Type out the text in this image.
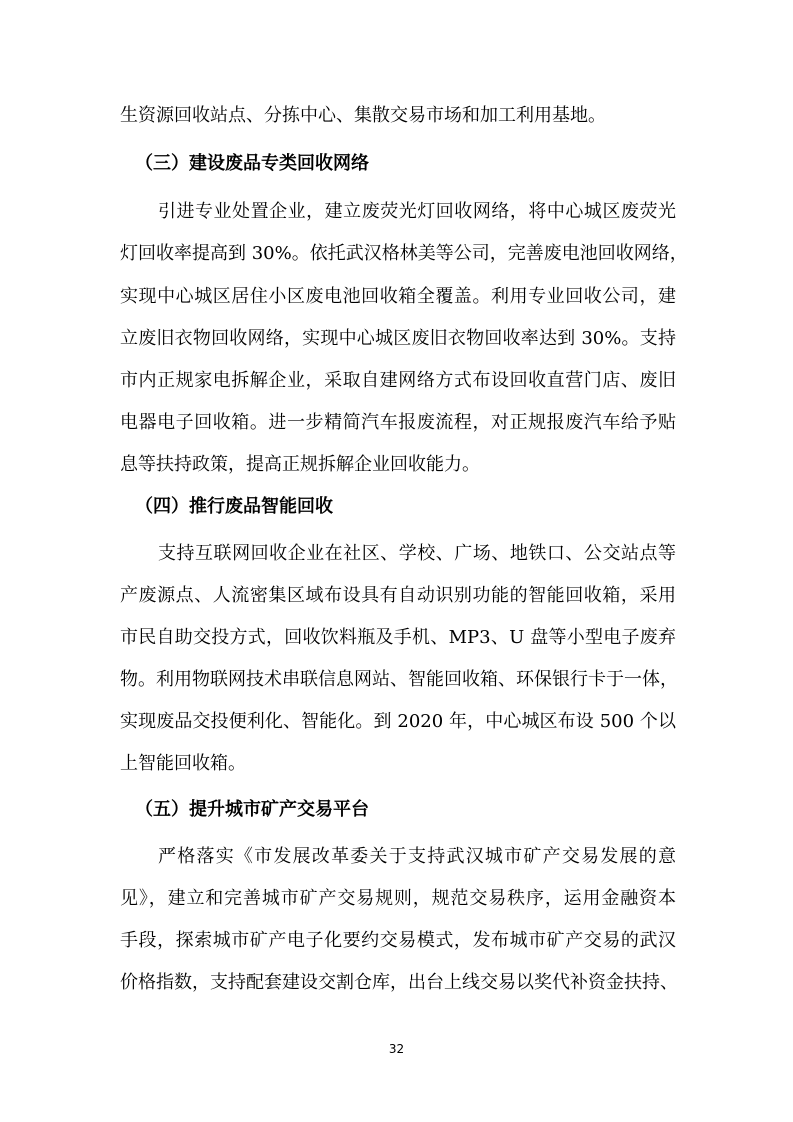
生资源回收站点、分拣中心、集散交易市场和加工利用基地。
（三）建设废品专类回收网络
引进专业处置企业，建立废荧光灯回收网络，将中心城区废荧光
灯回收率提高到 30%。依托武汉格林美等公司，完善废电池回收网络，
实现中心城区居住小区废电池回收箱全覆盖。利用专业回收公司，建
立废旧衣物回收网络，实现中心城区废旧衣物回收率达到 30%。支持
市内正规家电拆解企业，采取自建网络方式布设回收直营门店、废旧
电器电子回收箱。进一步精简汽车报废流程，对正规报废汽车给予贴
息等扶持政策，提高正规拆解企业回收能力。
（四）推行废品智能回收
支持互联网回收企业在社区、学校、广场、地铁口、公交站点等
产废源点、人流密集区域布设具有自动识别功能的智能回收箱，采用
市民自助交投方式，回收饮料瓶及手机、MP3、U 盘等小型电子废弃
物。利用物联网技术串联信息网站、智能回收箱、环保银行卡于一体，
实现废品交投便利化、智能化。到 2020 年，中心城区布设 500 个以
上智能回收箱。
（五）提升城市矿产交易平台
严格落实《市发展改革委关于支持武汉城市矿产交易发展的意
见》，建立和完善城市矿产交易规则，规范交易秩序，运用金融资本
手段，探索城市矿产电子化要约交易模式，发布城市矿产交易的武汉
价格指数，支持配套建设交割仓库，出台上线交易以奖代补资金扶持、
32
